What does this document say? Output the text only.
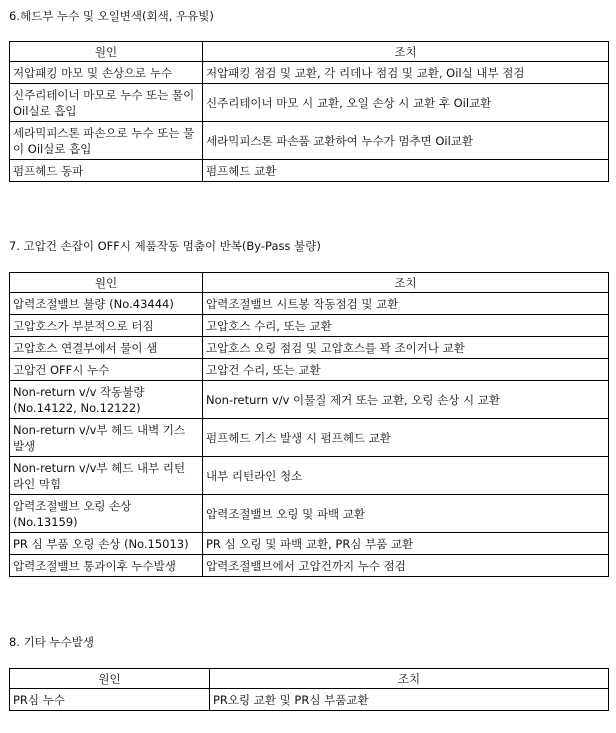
6.헤드부 누수 및 오일변색(회색, 우유빛)
원인	조치
저압패킹 마모 및 손상으로 누수	저압패킹 점검 및 교환, 각 리데나 점검 및 교환, Oil실 내부 점검
신주리테이너 마모로 누수 또는 물이 Oil실로 흡입	신주리테이너 마모 시 교환, 오일 손상 시 교환 후 Oil교환
세라믹피스톤 파손으로 누수 또는 물이 Oil실로 흡입	세라믹피스톤 파손품 교환하여 누수가 멈추면 Oil교환
펌프헤드 동파	펌프헤드 교환
7. 고압건 손잡이 OFF시 제품작동 멈춤이 반복(By-Pass 불량)
원인	조치
압력조절밸브 불량 (No.43444)	압력조절밸브 시트봉 작동점검 및 교환
고압호스가 부분적으로 터짐	고압호스 수리, 또는 교환
고압호스 연결부에서 물이 샘	고압호스 오링 점검 및 고압호스를 꽉 조이거나 교환
고압건 OFF시 누수	고압건 수리, 또는 교환
Non-return v/v 작동불량 (No.14122, No.12122)	Non-return v/v 이물질 제거 또는 교환, 오링 손상 시 교환
Non-return v/v부 헤드 내벽 기스 발생	펌프헤드 기스 발생 시 펌프헤드 교환
Non-return v/v부 헤드 내부 리턴 라인 막힘	내부 리턴라인 청소
압력조절밸브 오링 손상 (No.13159)	압력조절밸브 오링 및 파백 교환
PR 심 부품 오링 손상 (No.15013)	PR 심 오링 및 파백 교환, PR심 부품 교환
압력조절밸브 통과이후 누수발생	압력조절밸브에서 고압건까지 누수 점검
8. 기타 누수발생
원인	조치
PR심 누수	PR오링 교환 및 PR심 부품교환
